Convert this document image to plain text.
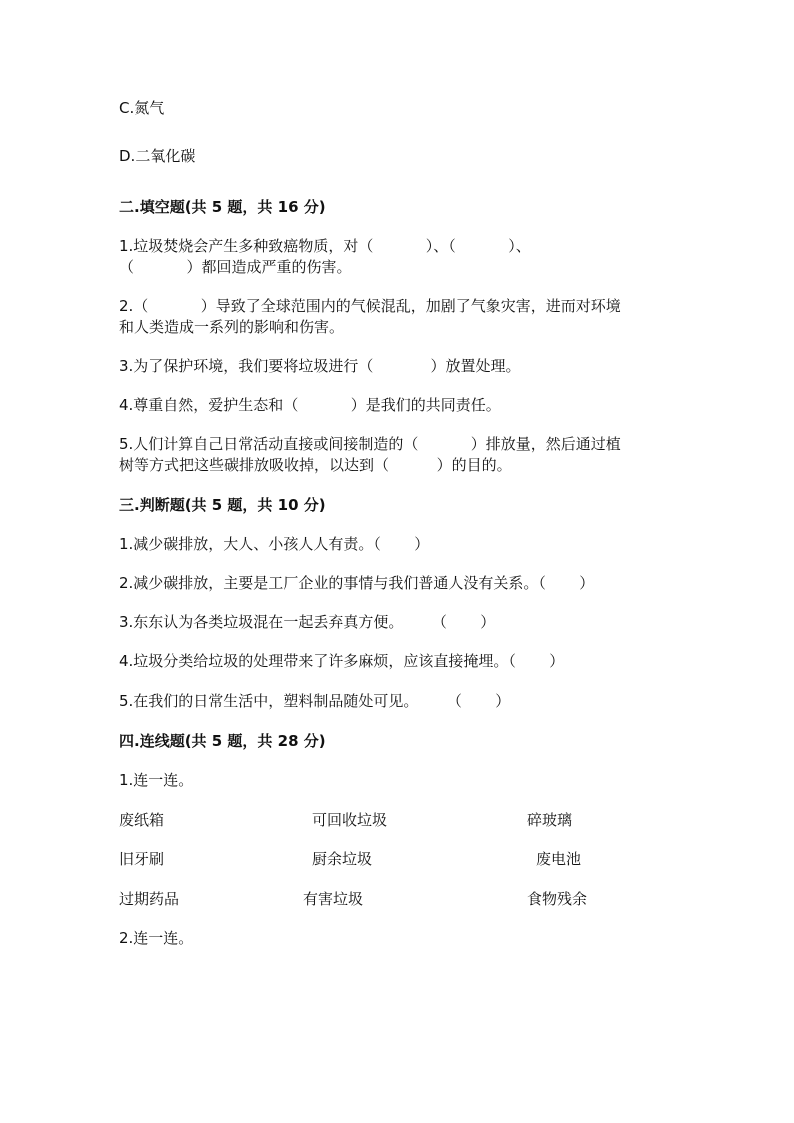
C.氮气
D.二氧化碳
二.填空题(共 5 题，共 16 分)
1.垃圾焚烧会产生多种致癌物质，对（           ）、（           ）、
（           ）都回造成严重的伤害。
2.（           ）导致了全球范围内的气候混乱，加剧了气象灾害，进而对环境
和人类造成一系列的影响和伤害。
3.为了保护环境，我们要将垃圾进行（            ）放置处理。
4.尊重自然，爱护生态和（           ）是我们的共同责任。
5.人们计算自己日常活动直接或间接制造的（           ）排放量，然后通过植
树等方式把这些碳排放吸收掉，以达到（          ）的目的。
三.判断题(共 5 题，共 10 分)
1.减少碳排放，大人、小孩人人有责。（       ）
2.减少碳排放，主要是工厂企业的事情与我们普通人没有关系。（       ）
3.东东认为各类垃圾混在一起丢弃真方便。      （       ）
4.垃圾分类给垃圾的处理带来了许多麻烦，应该直接掩埋。（       ）
5.在我们的日常生活中，塑料制品随处可见。      （       ）
四.连线题(共 5 题，共 28 分)
1.连一连。
废纸箱	可回收垃圾	碎玻璃
旧牙刷	厨余垃圾	废电池
过期药品	有害垃圾	食物残余
2.连一连。
